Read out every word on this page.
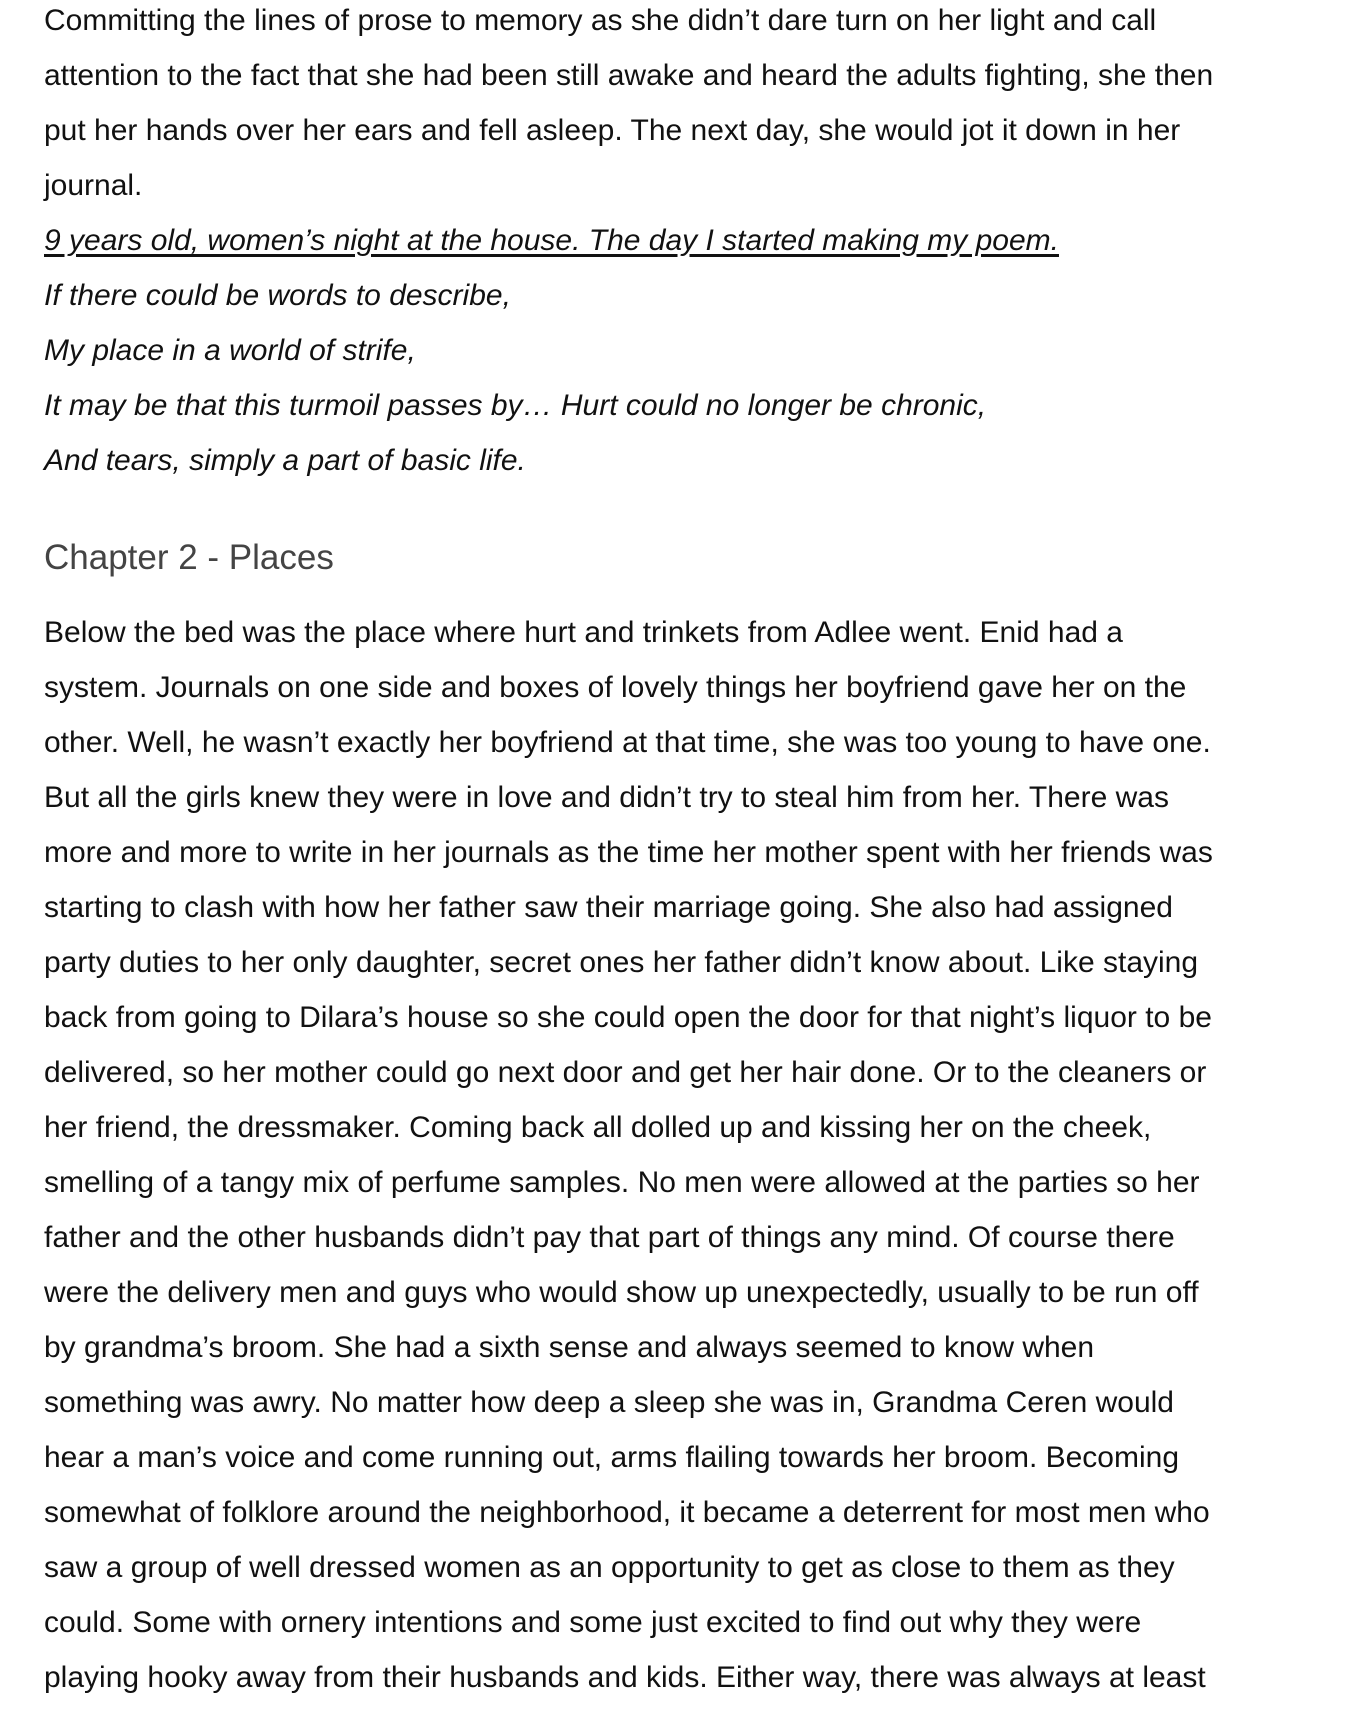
Committing the lines of prose to memory as she didn’t dare turn on her light and call
attention to the fact that she had been still awake and heard the adults fighting, she then
put her hands over her ears and fell asleep. The next day, she would jot it down in her
journal.
9 years old, women’s night at the house. The day I started making my poem.
If there could be words to describe,
My place in a world of strife,
It may be that this turmoil passes by… Hurt could no longer be chronic,
And tears, simply a part of basic life.
Chapter 2 - Places
Below the bed was the place where hurt and trinkets from Adlee went. Enid had a
system. Journals on one side and boxes of lovely things her boyfriend gave her on the
other. Well, he wasn’t exactly her boyfriend at that time, she was too young to have one.
But all the girls knew they were in love and didn’t try to steal him from her. There was
more and more to write in her journals as the time her mother spent with her friends was
starting to clash with how her father saw their marriage going. She also had assigned
party duties to her only daughter, secret ones her father didn’t know about. Like staying
back from going to Dilara’s house so she could open the door for that night’s liquor to be
delivered, so her mother could go next door and get her hair done. Or to the cleaners or
her friend, the dressmaker. Coming back all dolled up and kissing her on the cheek,
smelling of a tangy mix of perfume samples. No men were allowed at the parties so her
father and the other husbands didn’t pay that part of things any mind. Of course there
were the delivery men and guys who would show up unexpectedly, usually to be run off
by grandma’s broom. She had a sixth sense and always seemed to know when
something was awry. No matter how deep a sleep she was in, Grandma Ceren would
hear a man’s voice and come running out, arms flailing towards her broom. Becoming
somewhat of folklore around the neighborhood, it became a deterrent for most men who
saw a group of well dressed women as an opportunity to get as close to them as they
could. Some with ornery intentions and some just excited to find out why they were
playing hooky away from their husbands and kids. Either way, there was always at least
